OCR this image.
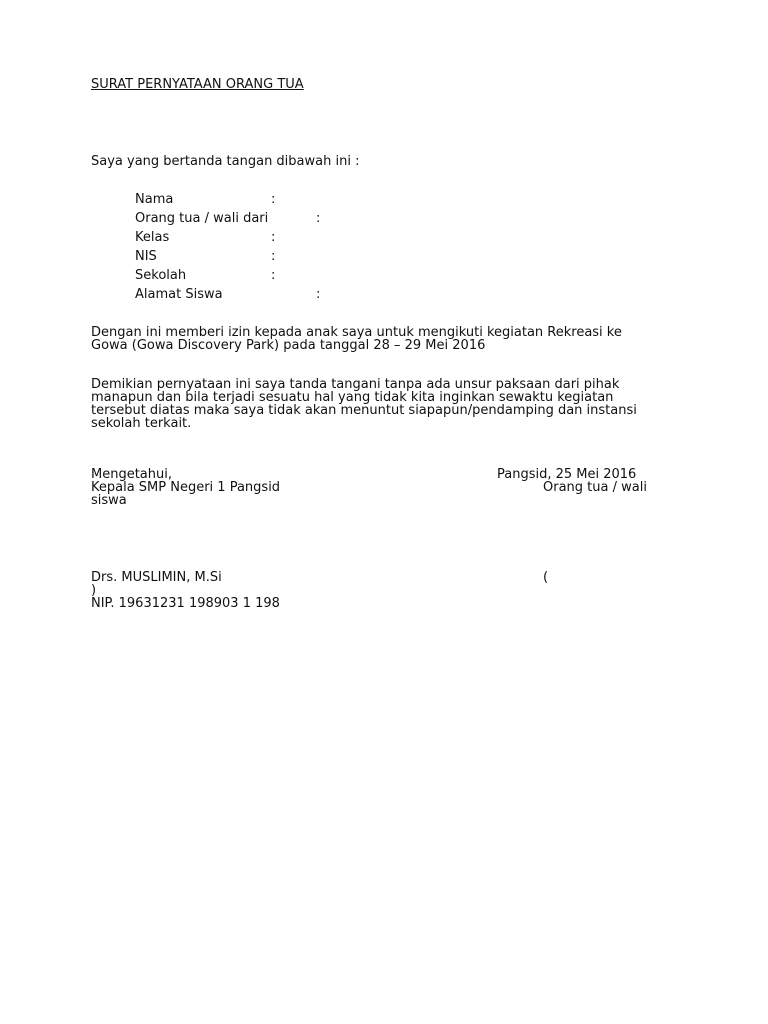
SURAT PERNYATAAN ORANG TUA
Saya yang bertanda tangan dibawah ini :
Nama	:
Orang tua / wali dari	:
Kelas	:
NIS	:
Sekolah	:
Alamat Siswa	:
Dengan ini memberi izin kepada anak saya untuk mengikuti kegiatan Rekreasi ke
Gowa (Gowa Discovery Park) pada tanggal 28 – 29 Mei 2016
Demikian pernyataan ini saya tanda tangani tanpa ada unsur paksaan dari pihak
manapun dan bila terjadi sesuatu hal yang tidak kita inginkan sewaktu kegiatan
tersebut diatas maka saya tidak akan menuntut siapapun/pendamping dan instansi
sekolah terkait.
Mengetahui,	Pangsid, 25 Mei 2016
Kepala SMP Negeri 1 Pangsid	Orang tua / wali
siswa
Drs. MUSLIMIN, M.Si	(
)
NIP. 19631231 198903 1 198
